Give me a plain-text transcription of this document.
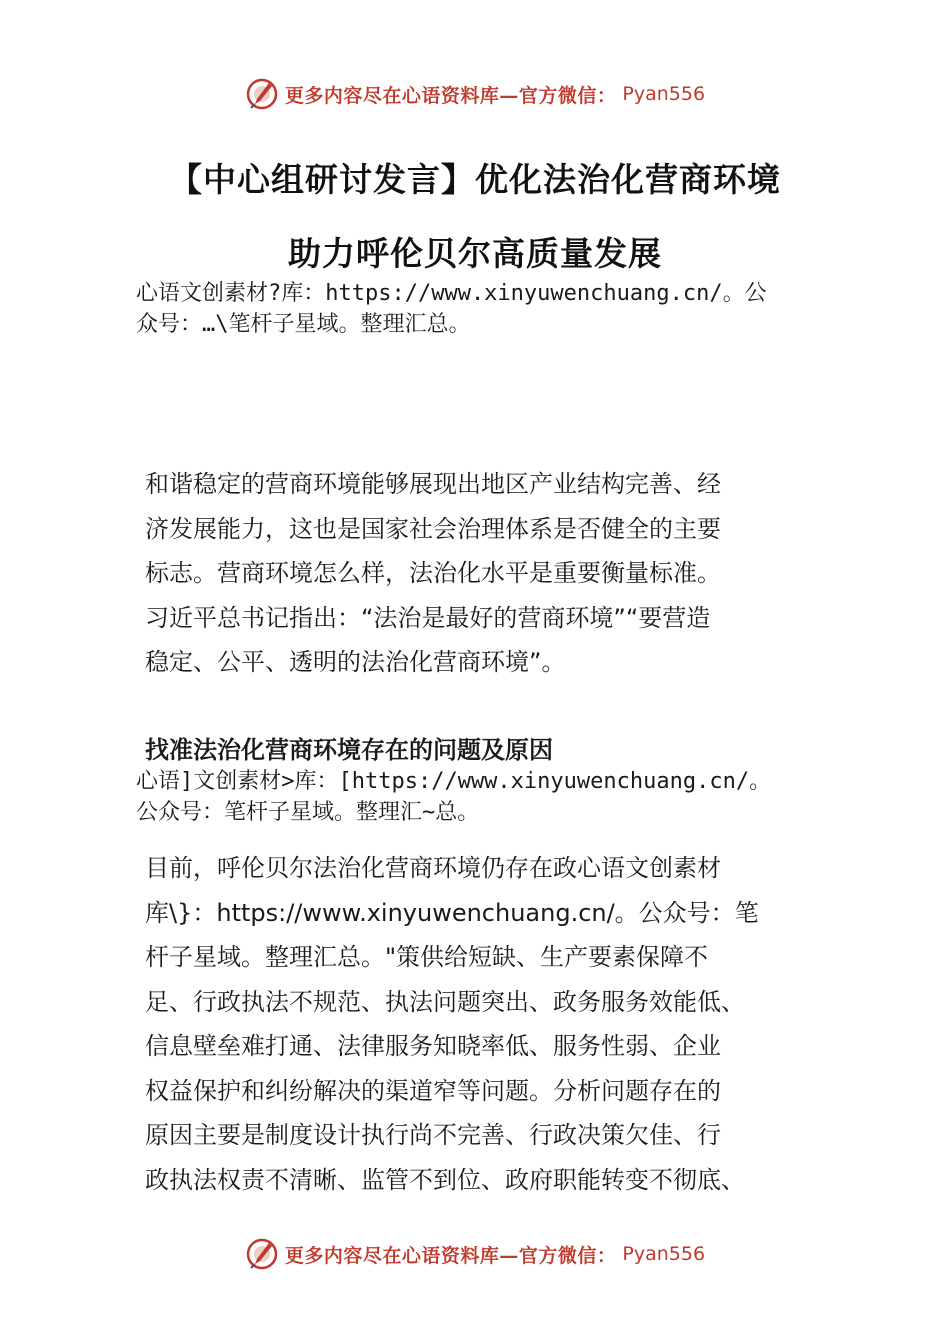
更多内容尽在心语资料库—官方微信： Pyan556
【中心组研讨发言】优化法治化营商环境
助力呼伦贝尔高质量发展
心语文创素材?库：https://www.xinyuwenchuang.cn/。公
众号：…\笔杆子星域。整理汇总。
和谐稳定的营商环境能够展现出地区产业结构完善、经
济发展能力，这也是国家社会治理体系是否健全的主要
标志。营商环境怎么样，法治化水平是重要衡量标准。
习近平总书记指出：“法治是最好的营商环境”“要营造
稳定、公平、透明的法治化营商环境”。
找准法治化营商环境存在的问题及原因
心语]文创素材>库：[https://www.xinyuwenchuang.cn/。
公众号：笔杆子星域。整理汇~总。
目前，呼伦贝尔法治化营商环境仍存在政心语文创素材
库\}：https://www.xinyuwenchuang.cn/。公众号：笔
杆子星域。整理汇总。"策供给短缺、生产要素保障不
足、行政执法不规范、执法问题突出、政务服务效能低、
信息壁垒难打通、法律服务知晓率低、服务性弱、企业
权益保护和纠纷解决的渠道窄等问题。分析问题存在的
原因主要是制度设计执行尚不完善、行政决策欠佳、行
政执法权责不清晰、监管不到位、政府职能转变不彻底、
更多内容尽在心语资料库—官方微信： Pyan556
